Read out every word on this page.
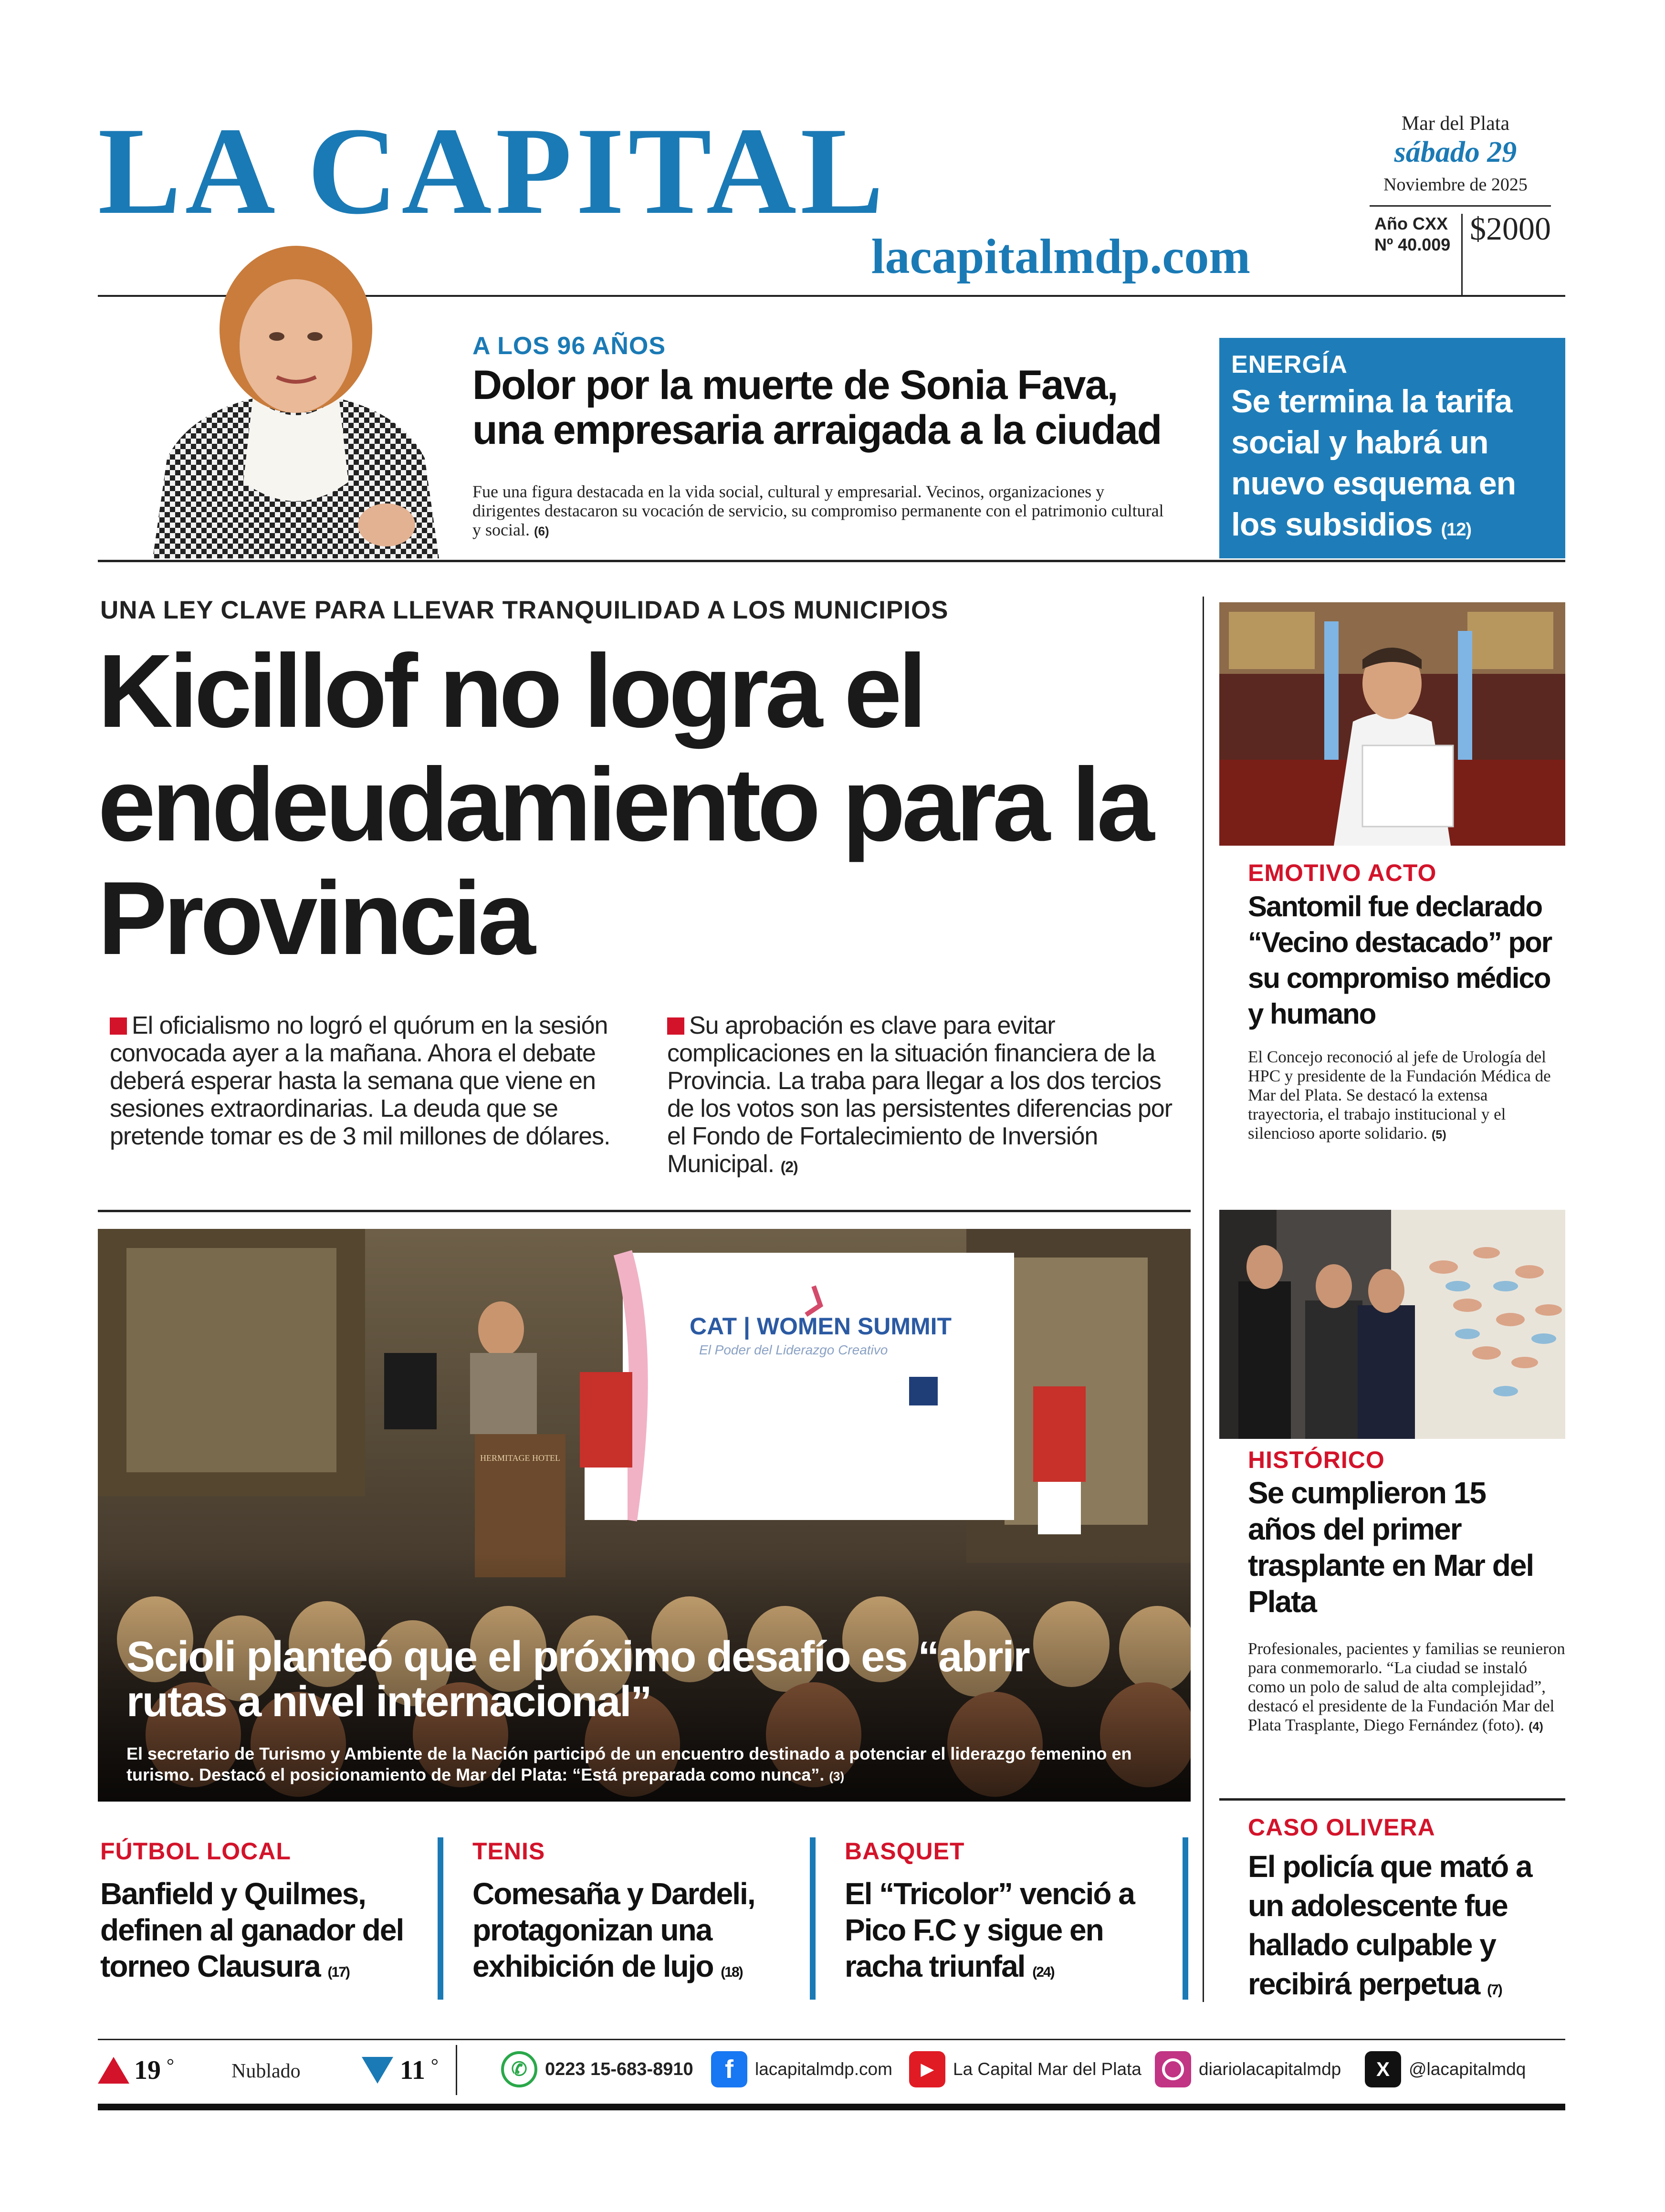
LA CAPITAL
lacapitalmdp.com
Mar del Plata
sábado 29
Noviembre de 2025
Año CXX
Nº 40.009 $2000
A LOS 96 AÑOS
Dolor por la muerte de Sonia Fava, una empresaria arraigada a la ciudad
Fue una figura destacada en la vida social, cultural y empresarial. Vecinos, organizaciones y dirigentes destacaron su vocación de servicio, su compromiso permanente con el patrimonio cultural y social. (6)
ENERGÍA
Se termina la tarifa social y habrá un nuevo esquema en los subsidios (12)
UNA LEY CLAVE PARA LLEVAR TRANQUILIDAD A LOS MUNICIPIOS
Kicillof no logra el endeudamiento para la Provincia
El oficialismo no logró el quórum en la sesión convocada ayer a la mañana. Ahora el debate deberá esperar hasta la semana que viene en sesiones extraordinarias. La deuda que se pretende tomar es de 3 mil millones de dólares.
Su aprobación es clave para evitar complicaciones en la situación financiera de la Provincia. La traba para llegar a los dos tercios de los votos son las persistentes diferencias por el Fondo de Fortalecimiento de Inversión Municipal. (2)
CAT | WOMEN SUMMIT
El Poder del Liderazgo Creativo
HERMITAGE HOTEL
Scioli planteó que el próximo desafío es “abrir rutas a nivel internacional”
El secretario de Turismo y Ambiente de la Nación participó de un encuentro destinado a potenciar el liderazgo femenino en turismo. Destacó el posicionamiento de Mar del Plata: “Está preparada como nunca”. (3)
EMOTIVO ACTO
Santomil fue declarado “Vecino destacado” por su compromiso médico y humano
El Concejo reconoció al jefe de Urología del HPC y presidente de la Fundación Médica de Mar del Plata. Se destacó la extensa trayectoria, el trabajo institucional y el silencioso aporte solidario. (5)
HISTÓRICO
Se cumplieron 15 años del primer trasplante en Mar del Plata
Profesionales, pacientes y familias se reunieron para conmemorarlo. “La ciudad se instaló como un polo de salud de alta complejidad”, destacó el presidente de la Fundación Mar del Plata Trasplante, Diego Fernández (foto). (4)
CASO OLIVERA
El policía que mató a un adolescente fue hallado culpable y recibirá perpetua (7)
FÚTBOL LOCAL
Banfield y Quilmes, definen al ganador del torneo Clausura (17)
TENIS
Comesaña y Dardeli, protagonizan una exhibición de lujo (18)
BASQUET
El “Tricolor” venció a Pico F.C y sigue en racha triunfal (24)
19 °	Nublado	11 °	✆ 0223 15-683-8910	f	lacapitalmdp.com	▶	La Capital Mar del Plata	diariolacapitalmdp	X	@lacapitalmdq
